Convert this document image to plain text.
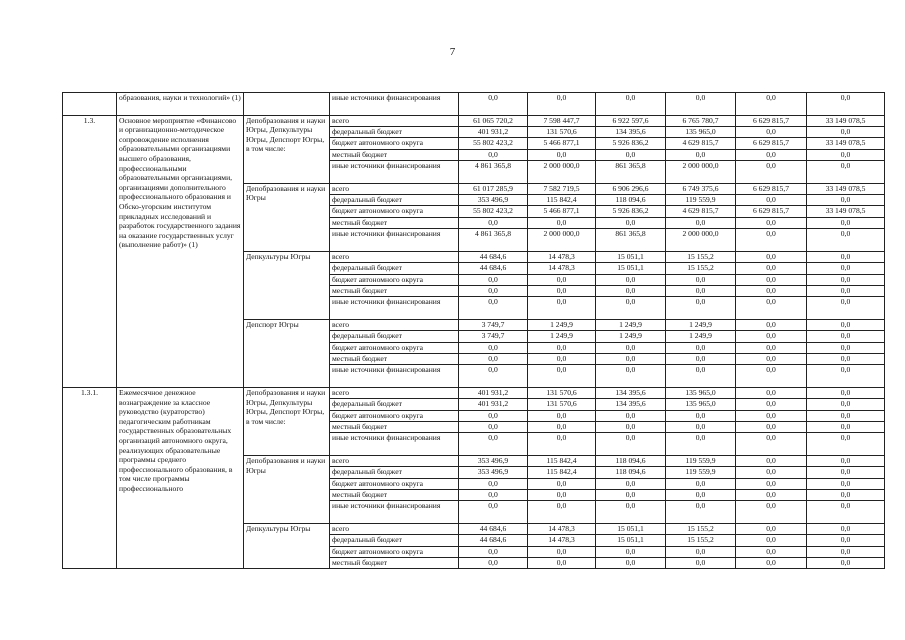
7
	образования, науки и технологий» (1)		иные источники финансирования	0,0	0,0	0,0	0,0	0,0	0,0
1.3.	Основное мероприятие «Финансово и организационно-методическое сопровождение исполнения образовательными организациями высшего образования, профессиональными образовательными организациями, организациями дополнительного профессионального образования и Обско-угорским институтом прикладных исследований и разработок государственного задания на оказание государственных услуг (выполнение работ)» (1)	Депобразования и науки Югры, Депкультуры Югры, Депспорт Югры, в том числе:	всего	61 065 720,2	7 598 447,7	6 922 597,6	6 765 780,7	6 629 815,7	33 149 078,5
			федеральный бюджет	401 931,2	131 570,6	134 395,6	135 965,0	0,0	0,0
			бюджет автономного округа	55 802 423,2	5 466 877,1	5 926 836,2	4 629 815,7	6 629 815,7	33 149 078,5
			местный бюджет	0,0	0,0	0,0	0,0	0,0	0,0
			иные источники финансирования	4 861 365,8	2 000 000,0	861 365,8	2 000 000,0	0,0	0,0
		Депобразования и науки Югры	всего	61 017 285,9	7 582 719,5	6 906 296,6	6 749 375,6	6 629 815,7	33 149 078,5
			федеральный бюджет	353 496,9	115 842,4	118 094,6	119 559,9	0,0	0,0
			бюджет автономного округа	55 802 423,2	5 466 877,1	5 926 836,2	4 629 815,7	6 629 815,7	33 149 078,5
			местный бюджет	0,0	0,0	0,0	0,0	0,0	0,0
			иные источники финансирования	4 861 365,8	2 000 000,0	861 365,8	2 000 000,0	0,0	0,0
		Депкультуры Югры	всего	44 684,6	14 478,3	15 051,1	15 155,2	0,0	0,0
			федеральный бюджет	44 684,6	14 478,3	15 051,1	15 155,2	0,0	0,0
			бюджет автономного округа	0,0	0,0	0,0	0,0	0,0	0,0
			местный бюджет	0,0	0,0	0,0	0,0	0,0	0,0
			иные источники финансирования	0,0	0,0	0,0	0,0	0,0	0,0
		Депспорт Югры	всего	3 749,7	1 249,9	1 249,9	1 249,9	0,0	0,0
			федеральный бюджет	3 749,7	1 249,9	1 249,9	1 249,9	0,0	0,0
			бюджет автономного округа	0,0	0,0	0,0	0,0	0,0	0,0
			местный бюджет	0,0	0,0	0,0	0,0	0,0	0,0
			иные источники финансирования	0,0	0,0	0,0	0,0	0,0	0,0
1.3.1.	Ежемесячное денежное вознаграждение за классное руководство (кураторство) педагогическим работникам государственных образовательных организаций автономного округа, реализующих образовательные программы среднего профессионального образования, в том числе программы профессионального	Депобразования и науки Югры, Депкультуры Югры, Депспорт Югры, в том числе:	всего	401 931,2	131 570,6	134 395,6	135 965,0	0,0	0,0
			федеральный бюджет	401 931,2	131 570,6	134 395,6	135 965,0	0,0	0,0
			бюджет автономного округа	0,0	0,0	0,0	0,0	0,0	0,0
			местный бюджет	0,0	0,0	0,0	0,0	0,0	0,0
			иные источники финансирования	0,0	0,0	0,0	0,0	0,0	0,0
		Депобразования и науки Югры	всего	353 496,9	115 842,4	118 094,6	119 559,9	0,0	0,0
			федеральный бюджет	353 496,9	115 842,4	118 094,6	119 559,9	0,0	0,0
			бюджет автономного округа	0,0	0,0	0,0	0,0	0,0	0,0
			местный бюджет	0,0	0,0	0,0	0,0	0,0	0,0
			иные источники финансирования	0,0	0,0	0,0	0,0	0,0	0,0
		Депкультуры Югры	всего	44 684,6	14 478,3	15 051,1	15 155,2	0,0	0,0
			федеральный бюджет	44 684,6	14 478,3	15 051,1	15 155,2	0,0	0,0
			бюджет автономного округа	0,0	0,0	0,0	0,0	0,0	0,0
			местный бюджет	0,0	0,0	0,0	0,0	0,0	0,0
